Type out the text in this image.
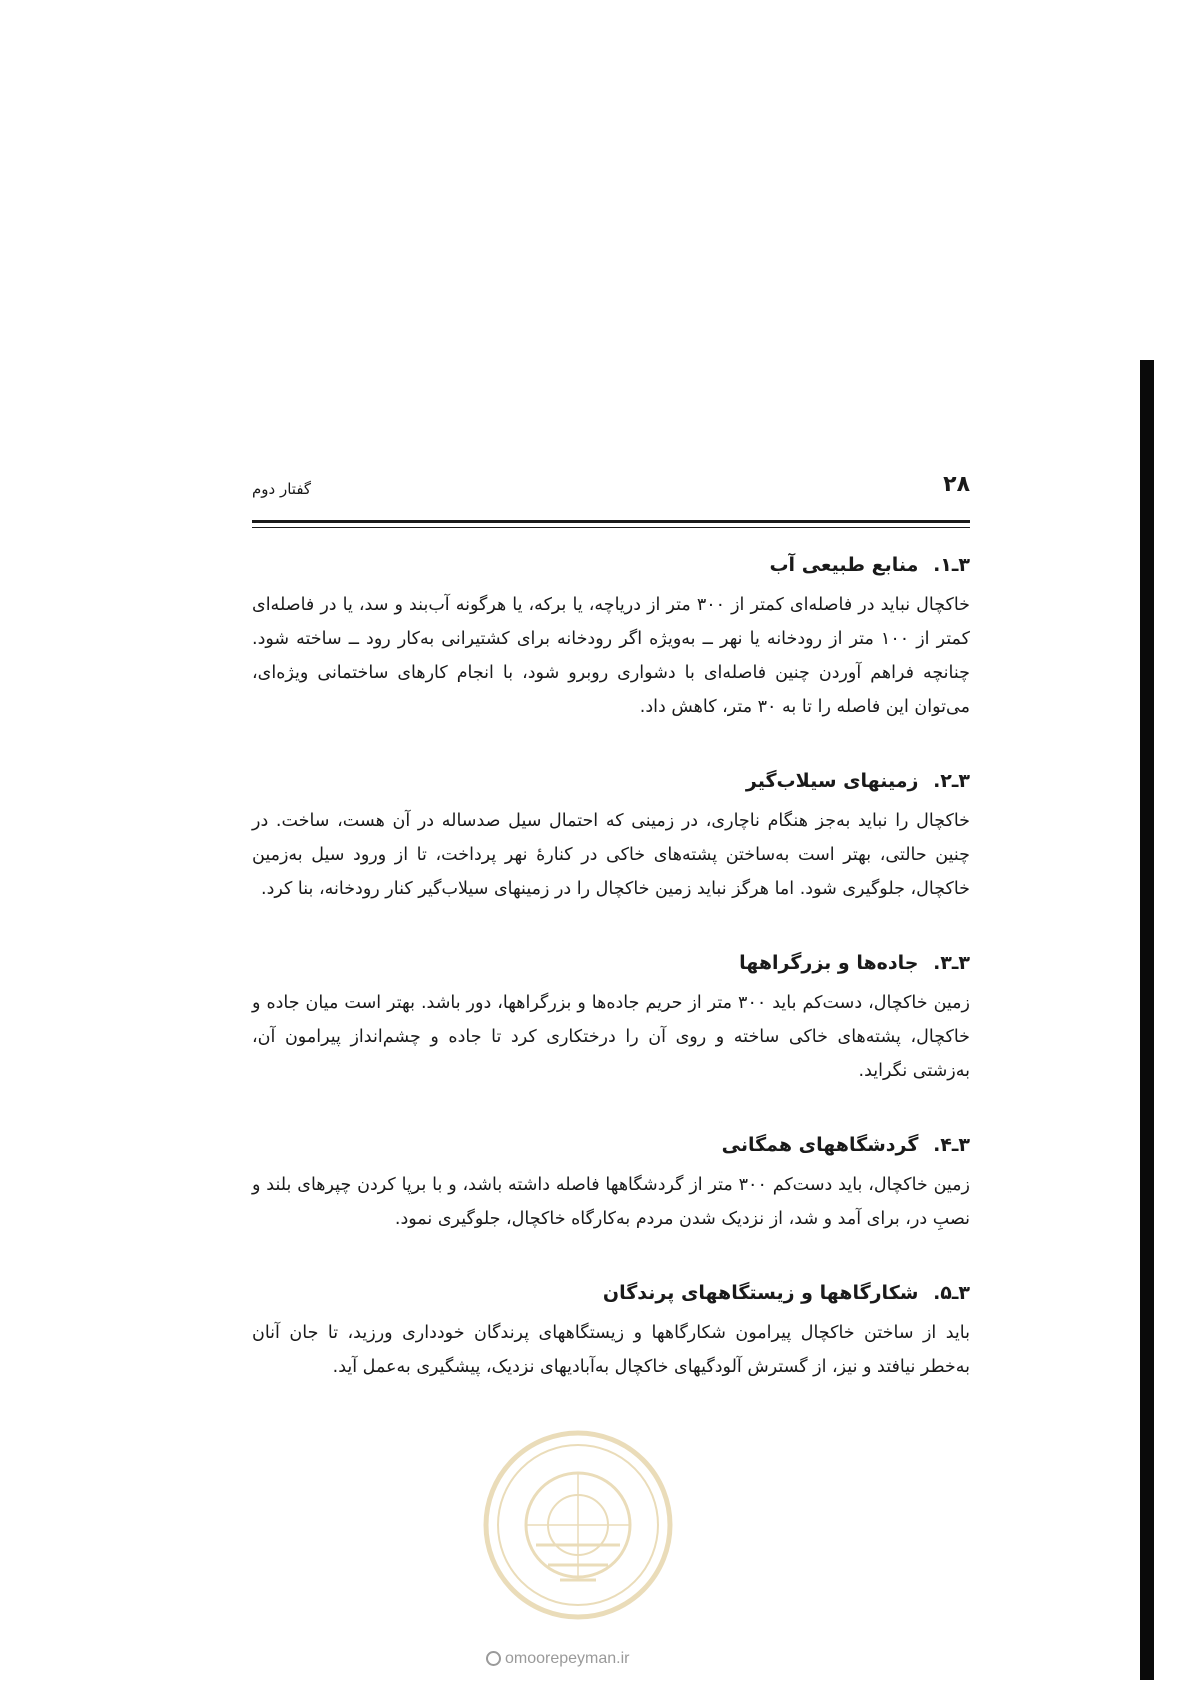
۲۸
گفتار دوم
۳ـ۱. منابع طبیعی آب

خاکچال نباید در فاصله‌ای کمتر از ۳۰۰ متر از دریاچه، یا برکه، یا هرگونه آب‌بند و سد، یا در فاصله‌ای کمتر از ۱۰۰ متر از رودخانه یا نهر ــ به‌ویژه اگر رودخانه برای کشتیرانی به‌کار رود ــ ساخته شود. چنانچه فراهم آوردن چنین فاصله‌ای با دشواری روبرو شود، با انجام کارهای ساختمانی ویژه‌ای، می‌توان این فاصله را تا به ۳۰ متر، کاهش داد.

۳ـ۲. زمینهای سیلاب‌گیر

خاکچال را نباید به‌جز هنگام ناچاری، در زمینی که احتمال سیل صدساله در آن هست، ساخت. در چنین حالتی، بهتر است به‌ساختن پشته‌های خاکی در کنارهٔ نهر پرداخت، تا از ورود سیل به‌زمین خاکچال، جلوگیری شود. اما هرگز نباید زمین خاکچال را در زمینهای سیلاب‌گیر کنار رودخانه، بنا کرد.

۳ـ۳. جاده‌ها و بزرگراهها

زمین خاکچال، دست‌کم باید ۳۰۰ متر از حریم جاده‌ها و بزرگراهها، دور باشد. بهتر است میان جاده و خاکچال، پشته‌های خاکی ساخته و روی آن را درختکاری کرد تا جاده و چشم‌انداز پیرامون آن، به‌زشتی نگراید.

۳ـ۴. گردشگاههای همگانی

زمین خاکچال، باید دست‌کم ۳۰۰ متر از گردشگاهها فاصله داشته باشد، و با برپا کردن چپرهای بلند و نصبِ در، برای آمد و شد، از نزدیک شدن مردم به‌کارگاه خاکچال، جلوگیری نمود.

۳ـ۵. شکارگاهها و زیستگاههای پرندگان

باید از ساختن خاکچال پیرامون شکارگاهها و زیستگاههای پرندگان خودداری ورزید، تا جان آنان به‌خطر نیافتد و نیز، از گسترش آلودگیهای خاکچال به‌آبادیهای نزدیک، پیشگیری به‌عمل آید.

omoorepeyman.ir
